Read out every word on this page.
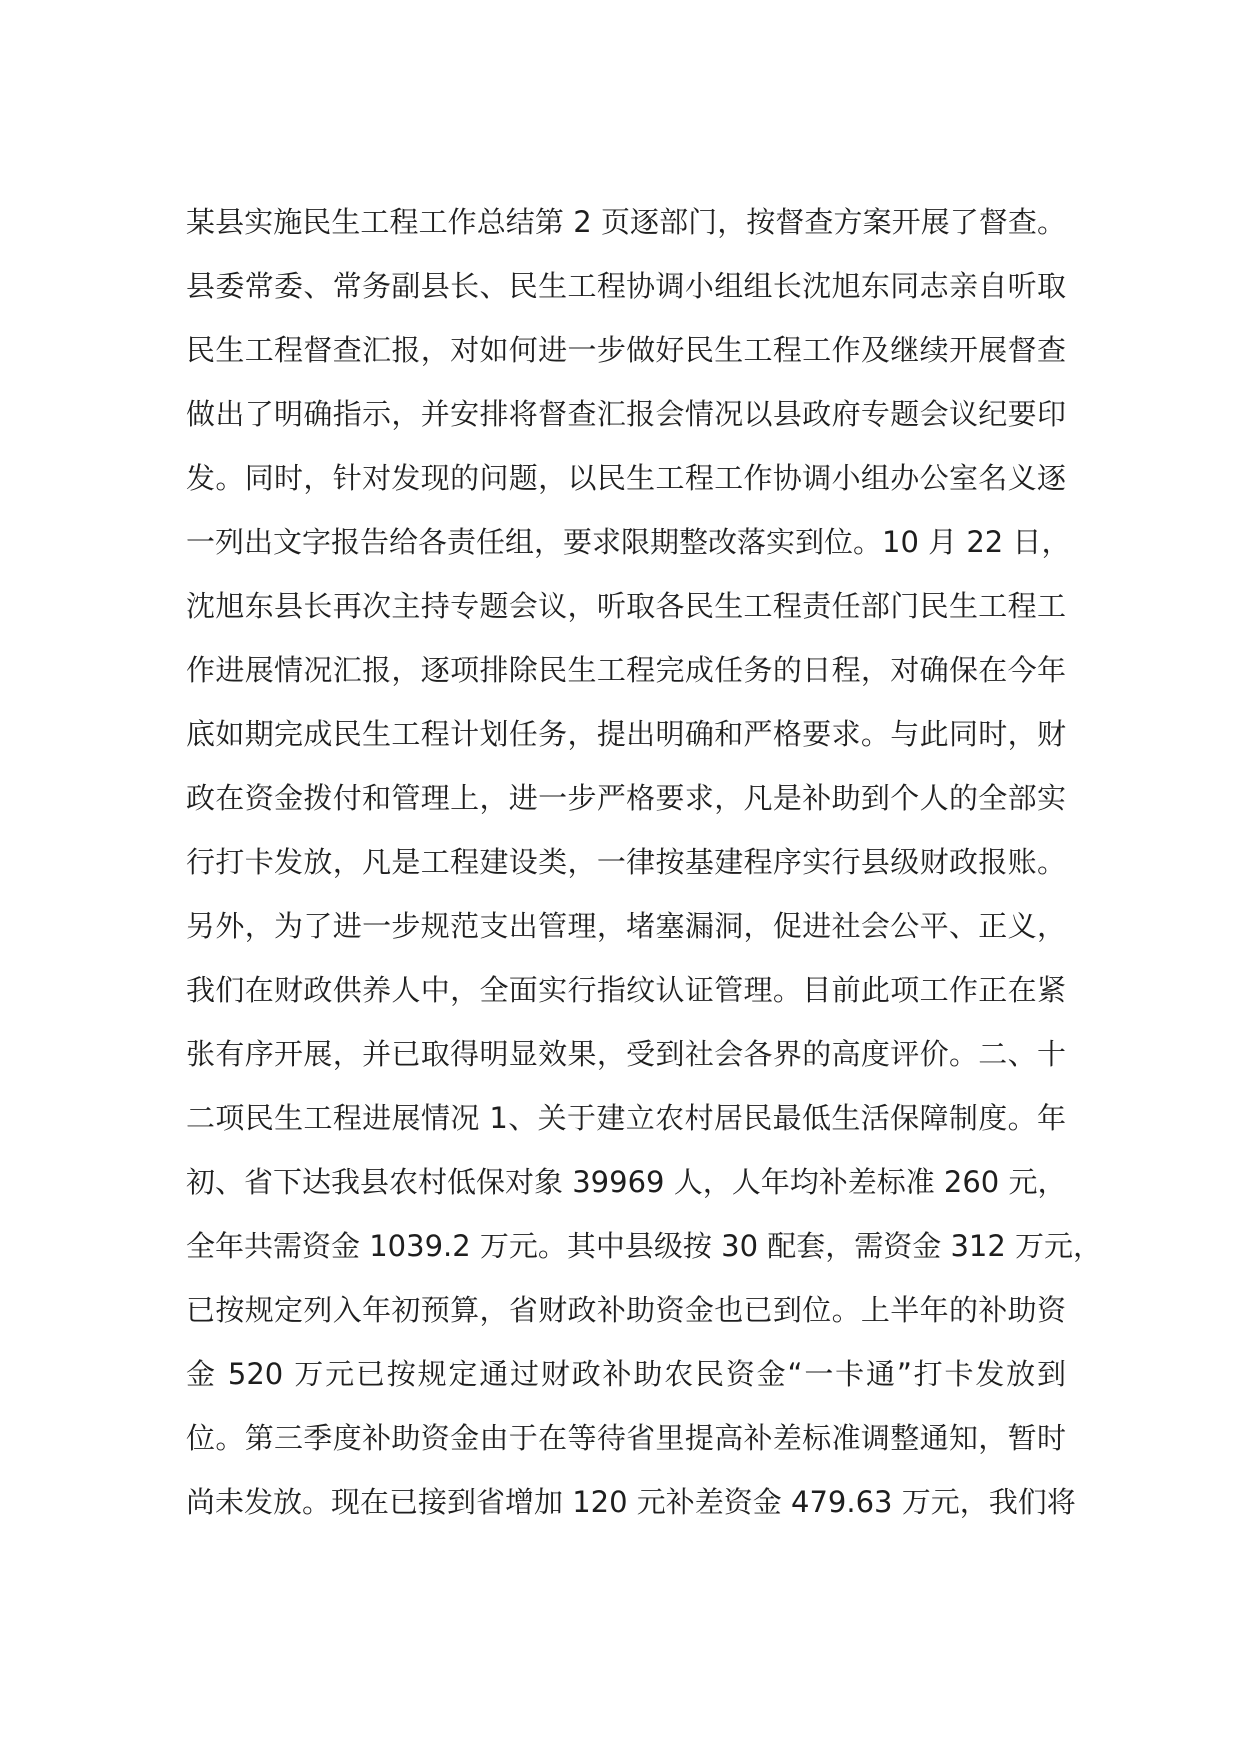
某县实施民生工程工作总结第 2 页逐部门，按督查方案开展了督查。
县委常委、常务副县长、民生工程协调小组组长沈旭东同志亲自听取
民生工程督查汇报，对如何进一步做好民生工程工作及继续开展督查
做出了明确指示，并安排将督查汇报会情况以县政府专题会议纪要印
发。同时，针对发现的问题，以民生工程工作协调小组办公室名义逐
一列出文字报告给各责任组，要求限期整改落实到位。10 月 22 日，
沈旭东县长再次主持专题会议，听取各民生工程责任部门民生工程工
作进展情况汇报，逐项排除民生工程完成任务的日程，对确保在今年
底如期完成民生工程计划任务，提出明确和严格要求。与此同时，财
政在资金拨付和管理上，进一步严格要求，凡是补助到个人的全部实
行打卡发放，凡是工程建设类，一律按基建程序实行县级财政报账。
另外，为了进一步规范支出管理，堵塞漏洞，促进社会公平、正义，
我们在财政供养人中，全面实行指纹认证管理。目前此项工作正在紧
张有序开展，并已取得明显效果，受到社会各界的高度评价。二、十
二项民生工程进展情况 1、关于建立农村居民最低生活保障制度。年
初、省下达我县农村低保对象 39969 人，人年均补差标准 260 元，
全年共需资金 1039.2 万元。其中县级按 30 配套，需资金 312 万元，
已按规定列入年初预算，省财政补助资金也已到位。上半年的补助资
金 520 万元已按规定通过财政补助农民资金“一卡通”打卡发放到
位。第三季度补助资金由于在等待省里提高补差标准调整通知，暂时
尚未发放。现在已接到省增加 120 元补差资金 479.63 万元，我们将
